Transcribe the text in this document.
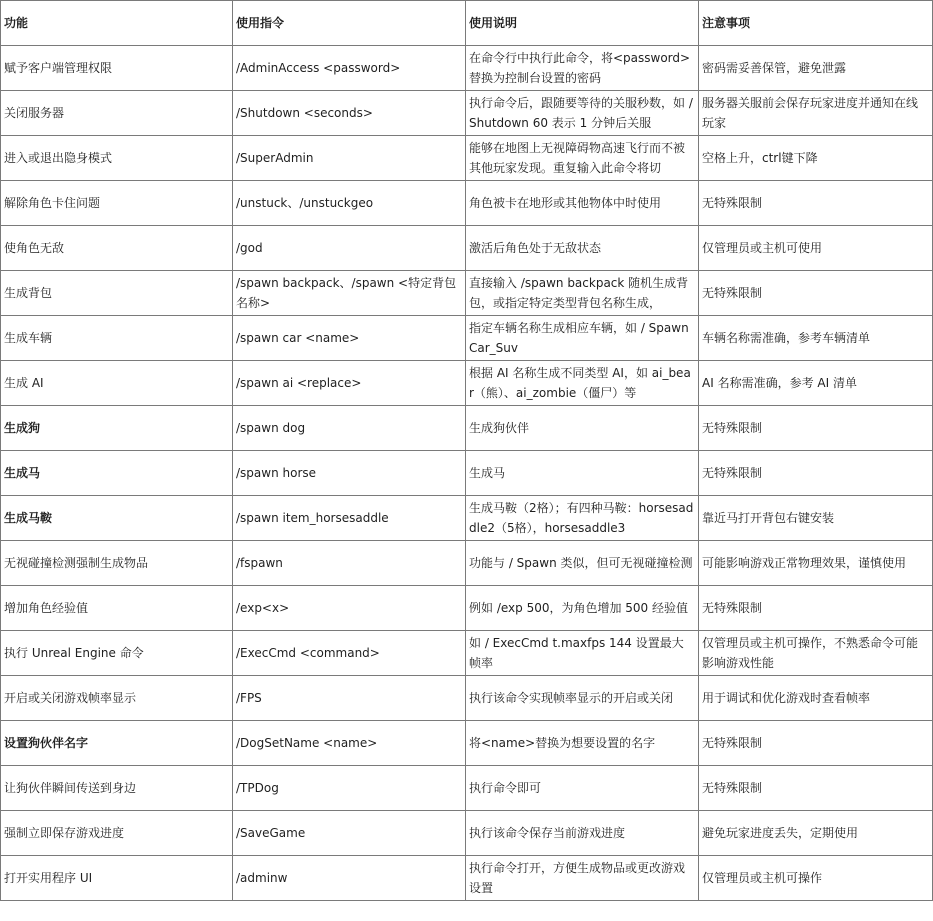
功能	使用指令	使用说明	注意事项

赋予客户端管理权限	/AdminAccess <password>	在命令行中执行此命令，将<password>替换为控制台设置的密码	密码需妥善保管，避免泄露

关闭服务器	/Shutdown <seconds>	执行命令后，跟随要等待的关服秒数，如 / Shutdown 60 表示 1 分钟后关服	服务器关服前会保存玩家进度并通知在线玩家

进入或退出隐身模式	/SuperAdmin	能够在地图上无视障碍物高速飞行而不被其他玩家发现。重复输入此命令将切	空格上升，ctrl键下降

解除角色卡住问题	/unstuck、/unstuckgeo	角色被卡在地形或其他物体中时使用	无特殊限制

使角色无敌	/god	激活后角色处于无敌状态	仅管理员或主机可使用

生成背包	/spawn backpack、/spawn <特定背包名称>	直接输入 /spawn backpack 随机生成背包，或指定特定类型背包名称生成，	无特殊限制

生成车辆	/spawn car <name>	指定车辆名称生成相应车辆，如 / Spawn Car_Suv	车辆名称需准确，参考车辆清单

生成 AI	/spawn ai <replace>	根据 AI 名称生成不同类型 AI，如 ai_bear（熊）、ai_zombie（僵尸）等	AI 名称需准确，参考 AI 清单

生成狗	/spawn dog	生成狗伙伴	无特殊限制

生成马	/spawn horse	生成马	无特殊限制

生成马鞍	/spawn item_horsesaddle	生成马鞍（2格）；有四种马鞍：horsesaddle2（5格），horsesaddle3	靠近马打开背包右键安装

无视碰撞检测强制生成物品	/fspawn	功能与 / Spawn 类似，但可无视碰撞检测	可能影响游戏正常物理效果，谨慎使用

增加角色经验值	/exp<x>	例如 /exp 500，为角色增加 500 经验值	无特殊限制

执行 Unreal Engine 命令	/ExecCmd <command>	如 / ExecCmd t.maxfps 144 设置最大帧率	仅管理员或主机可操作，不熟悉命令可能影响游戏性能

开启或关闭游戏帧率显示	/FPS	执行该命令实现帧率显示的开启或关闭	用于调试和优化游戏时查看帧率

设置狗伙伴名字	/DogSetName <name>	将<name>替换为想要设置的名字	无特殊限制

让狗伙伴瞬间传送到身边	/TPDog	执行命令即可	无特殊限制

强制立即保存游戏进度	/SaveGame	执行该命令保存当前游戏进度	避免玩家进度丢失，定期使用

打开实用程序 UI	/adminw	执行命令打开，方便生成物品或更改游戏设置	仅管理员或主机可操作
